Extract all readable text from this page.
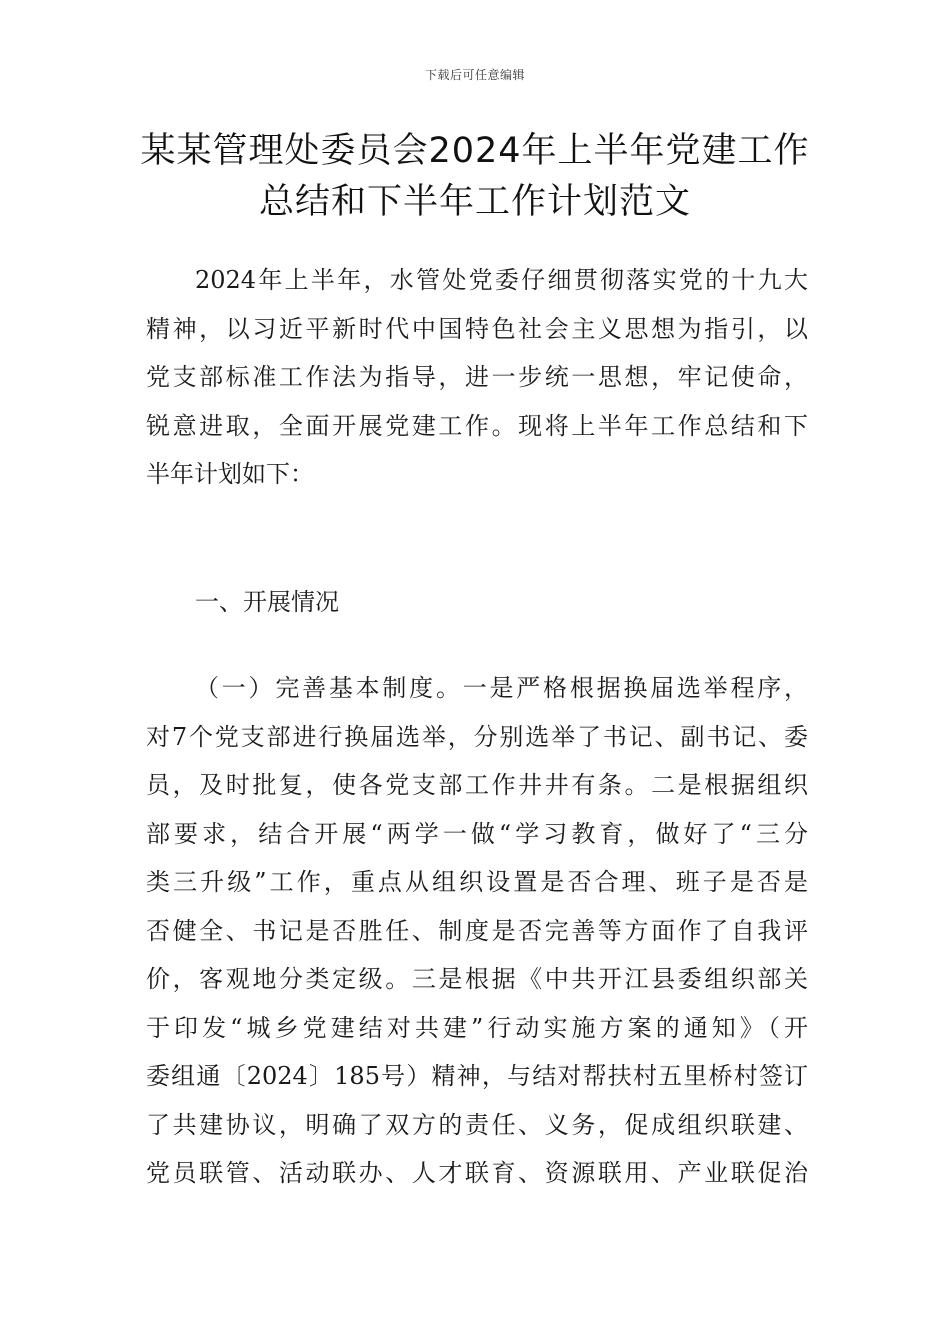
下载后可任意编辑
某某管理处委员会2024年上半年党建工作
总结和下半年工作计划范文
2024年上半年，水管处党委仔细贯彻落实党的十九大
精神，以习近平新时代中国特色社会主义思想为指引，以
党支部标准工作法为指导，进一步统一思想，牢记使命，
锐意进取，全面开展党建工作。现将上半年工作总结和下
半年计划如下：
一、开展情况
（一）完善基本制度。一是严格根据换届选举程序，
对7个党支部进行换届选举，分别选举了书记、副书记、委
员，及时批复，使各党支部工作井井有条。二是根据组织
部要求，结合开展“两学一做“学习教育，做好了“三分
类三升级”工作，重点从组织设置是否合理、班子是否是
否健全、书记是否胜任、制度是否完善等方面作了自我评
价，客观地分类定级。三是根据《中共开江县委组织部关
于印发“城乡党建结对共建”行动实施方案的通知》（开
委组通〔2024〕185号）精神，与结对帮扶村五里桥村签订
了共建协议，明确了双方的责任、义务，促成组织联建、
党员联管、活动联办、人才联育、资源联用、产业联促治
